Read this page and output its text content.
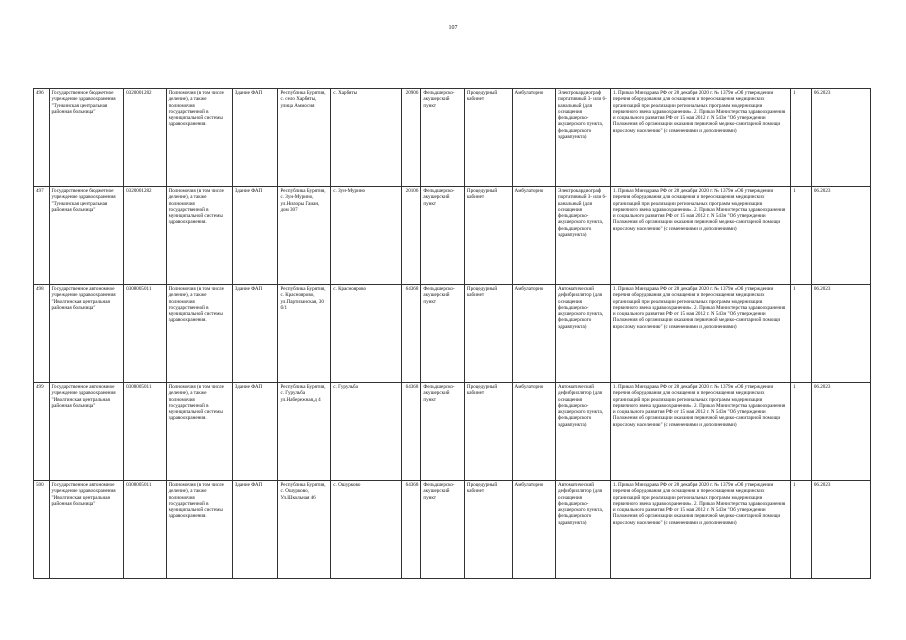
107
496	Государственное бюджетное учреждение здравоохранения "Тункинская центральная районная больница"	0320001282	Полномочия (в том числе деление), а также полномочия государственной в муниципальной системы здравоохранения.	Здание ФАП	Республика Бурятия, с. село Харбяты, улица Аммосия	с. Харбяты	20906	Фельдшерско-акушерский пункт	Процедурный кабинет	Амбулаторно	Электрокардиограф портативный 3- или 6-канальный (для оснащения фельдшерско-акушерского пункта, фельдшерского здравпункта)	1. Приказ Минздрава РФ от 28 декабря 2020 г. № 1379н «Об утверждении перечня оборудования для оснащения и переоснащения медицинских организаций при реализации региональных программ модернизации первичного звена здравоохранения». 2. Приказ Министерства здравоохранения и социального развития РФ от 15 мая 2012 г. N 543н "Об утверждении Положения об организации оказания первичной медико-санитарной помощи взрослому населению" (с изменениями и дополнениями)	1	06.2023
497	Государственное бюджетное учреждение здравоохранения "Тункинская центральная районная больница"	0320001282	Полномочия (в том числе деление), а также полномочия государственной в муниципальной системы здравоохранения.	Здание ФАП	Республика Бурятия, с. Зун-Мурино, ул.Нилоры Гаиан, дом 307	с. Зун-Мурино	20106	Фельдшерско-акушерский пункт	Процедурный кабинет	Амбулаторно	Электрокардиограф портативный 3- или 6-канальный (для оснащения фельдшерско-акушерского пункта, фельдшерского здравпункта)	1. Приказ Минздрава РФ от 28 декабря 2020 г. № 1379н «Об утверждении перечня оборудования для оснащения и переоснащения медицинских организаций при реализации региональных программ модернизации первичного звена здравоохранения». 2. Приказ Министерства здравоохранения и социального развития РФ от 15 мая 2012 г. N 543н "Об утверждении Положения об организации оказания первичной медико-санитарной помощи взрослому населению" (с изменениями и дополнениями)	1	06.2023
498	Государственное автономное учреждение здравоохранения "Иволгинская центральная районная больница"	0308005011	Полномочия (в том числе деление), а также полномочия государственной в муниципальной системы здравоохранения.	Здание ФАП	Республика Бурятия, с. Красноярово, ул.Партизанская, 30 б/1	с. Красноярово	64368	Фельдшерско-акушерский пункт	Процедурный кабинет	Амбулаторно	Автоматический дефибриллятор (для оснащения фельдшерско-акушерского пункта, фельдшерского здравпункта)	1. Приказ Минздрава РФ от 28 декабря 2020 г. № 1379н «Об утверждении перечня оборудования для оснащения и переоснащения медицинских организаций при реализации региональных программ модернизации первичного звена здравоохранения». 2. Приказ Министерства здравоохранения и социального развития РФ от 15 мая 2012 г. N 543н "Об утверждении Положения об организации оказания первичной медико-санитарной помощи взрослому населению" (с изменениями и дополнениями)	1	06.2023
499	Государственное автономное учреждение здравоохранения "Иволгинская центральная районная больница"	0308005011	Полномочия (в том числе деление), а также полномочия государственной в муниципальной системы здравоохранения.	Здание ФАП	Республика Бурятия, с. Гурульба ул.Набережная,д 4	с. Гурульба	64368	Фельдшерско-акушерский пункт	Процедурный кабинет	Амбулаторно	Автоматический дефибриллятор (для оснащения фельдшерско-акушерского пункта, фельдшерского здравпункта)	1. Приказ Минздрава РФ от 28 декабря 2020 г. № 1379н «Об утверждении перечня оборудования для оснащения и переоснащения медицинских организаций при реализации региональных программ модернизации первичного звена здравоохранения». 2. Приказ Министерства здравоохранения и социального развития РФ от 15 мая 2012 г. N 543н "Об утверждении Положения об организации оказания первичной медико-санитарной помощи взрослому населению" (с изменениями и дополнениями)	1	06.2023
500	Государственное автономное учреждение здравоохранения "Иволгинская центральная районная больница"	0308005011	Полномочия (в том числе деление), а также полномочия государственной в муниципальной системы здравоохранения.	Здание ФАП	Республика Бурятия, с. Ошурково, Ул.Школьная 46	с. Ошурково	64368	Фельдшерско-акушерский пункт	Процедурный кабинет	Амбулаторно	Автоматический дефибриллятор (для оснащения фельдшерско-акушерского пункта, фельдшерского здравпункта)	1. Приказ Минздрава РФ от 28 декабря 2020 г. № 1379н «Об утверждении перечня оборудования для оснащения и переоснащения медицинских организаций при реализации региональных программ модернизации первичного звена здравоохранения». 2. Приказ Министерства здравоохранения и социального развития РФ от 15 мая 2012 г. N 543н "Об утверждении Положения об организации оказания первичной медико-санитарной помощи взрослому населению" (с изменениями и дополнениями)	1	06.2023
